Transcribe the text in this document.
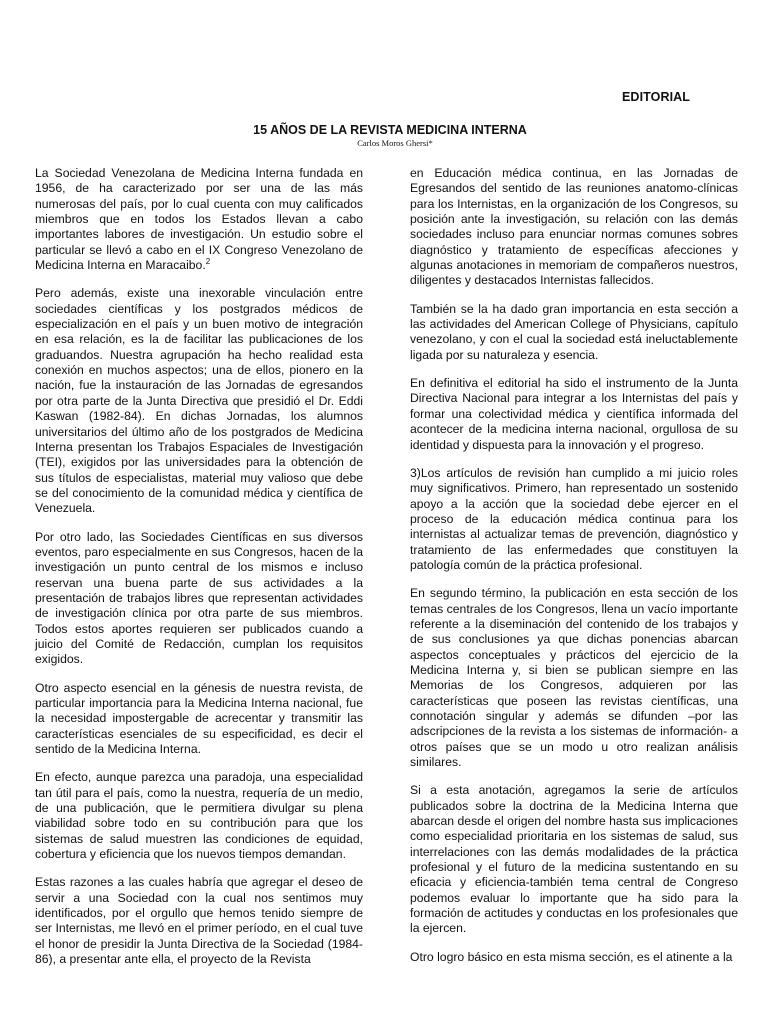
EDITORIAL
15 AÑOS DE LA REVISTA MEDICINA INTERNA
Carlos Moros Ghersi*

La Sociedad Venezolana de Medicina Interna fundada en 1956, de ha caracterizado por ser una de las más numerosas del país, por lo cual cuenta con muy calificados miembros que en todos los Estados llevan a cabo importantes labores de investigación. Un estudio sobre el particular se llevó a cabo en el IX Congreso Venezolano de Medicina Interna en Maracaibo.$^2$

Pero además, existe una inexorable vinculación entre sociedades científicas y los postgrados médicos de especialización en el país y un buen motivo de integración en esa relación, es la de facilitar las publicaciones de los graduandos. Nuestra agrupación ha hecho realidad esta conexión en muchos aspectos; una de ellos, pionero en la nación, fue la instauración de las Jornadas de egresandos por otra parte de la Junta Directiva que presidió el Dr. Eddi Kaswan (1982-84). En dichas Jornadas, los alumnos universitarios del último año de los postgrados de Medicina Interna presentan los Trabajos Espaciales de Investigación (TEI), exigidos por las universidades para la obtención de sus títulos de especialistas, material muy valioso que debe se del conocimiento de la comunidad médica y científica de Venezuela.

Por otro lado, las Sociedades Científicas en sus diversos eventos, paro especialmente en sus Congresos, hacen de la investigación un punto central de los mismos e incluso reservan una buena parte de sus actividades a la presentación de trabajos libres que representan actividades de investigación clínica por otra parte de sus miembros. Todos estos aportes requieren ser publicados cuando a juicio del Comité de Redacción, cumplan los requisitos exigidos.

Otro aspecto esencial en la génesis de nuestra revista, de particular importancia para la Medicina Interna nacional, fue la necesidad impostergable de acrecentar y transmitir las características esenciales de su especificidad, es decir el sentido de la Medicina Interna.

En efecto, aunque parezca una paradoja, una especialidad tan útil para el país, como la nuestra, requería de un medio, de una publicación, que le permitiera divulgar su plena viabilidad sobre todo en su contribución para que los sistemas de salud muestren las condiciones de equidad, cobertura y eficiencia que los nuevos tiempos demandan.

Estas razones a las cuales habría que agregar el deseo de servir a una Sociedad con la cual nos sentimos muy identificados, por el orgullo que hemos tenido siempre de ser Internistas, me llevó en el primer período, en el cual tuve el honor de presidir la Junta Directiva de la Sociedad (1984-86), a presentar ante ella, el proyecto de la Revista

en Educación médica continua, en las Jornadas de Egresandos del sentido de las reuniones anatomo-clínicas para los Internistas, en la organización de los Congresos, su posición ante la investigación, su relación con las demás sociedades incluso para enunciar normas comunes sobres diagnóstico y tratamiento de específicas afecciones y algunas anotaciones in memoriam de compañeros nuestros, diligentes y destacados Internistas fallecidos.

También se la ha dado gran importancia en esta sección a las actividades del American College of Physicians, capítulo venezolano, y con el cual la sociedad está ineluctablemente ligada por su naturaleza y esencia.

En definitiva el editorial ha sido el instrumento de la Junta Directiva Nacional para integrar a los Internistas del país y formar una colectividad médica y científica informada del acontecer de la medicina interna nacional, orgullosa de su identidad y dispuesta para la innovación y el progreso.

3)Los artículos de revisión han cumplido a mi juicio roles muy significativos. Primero, han representado un sostenido apoyo a la acción que la sociedad debe ejercer en el proceso de la educación médica continua para los internistas al actualizar temas de prevención, diagnóstico y tratamiento de las enfermedades que constituyen la patología común de la práctica profesional.

En segundo término, la publicación en esta sección de los temas centrales de los Congresos, llena un vacío importante referente a la diseminación del contenido de los trabajos y de sus conclusiones ya que dichas ponencias abarcan aspectos conceptuales y prácticos del ejercicio de la Medicina Interna y, si bien se publican siempre en las Memorias de los Congresos, adquieren por las características que poseen las revistas científicas, una connotación singular y además se difunden –por las adscripciones de la revista a los sistemas de información- a otros países que se un modo u otro realizan análisis similares.

Si a esta anotación, agregamos la serie de artículos publicados sobre la doctrina de la Medicina Interna que abarcan desde el origen del nombre hasta sus implicaciones como especialidad prioritaria en los sistemas de salud, sus interrelaciones con las demás modalidades de la práctica profesional y el futuro de la medicina sustentando en su eficacia y eficiencia-también tema central de Congreso podemos evaluar lo importante que ha sido para la formación de actitudes y conductas en los profesionales que la ejercen.

Otro logro básico en esta misma sección, es el atinente a la
